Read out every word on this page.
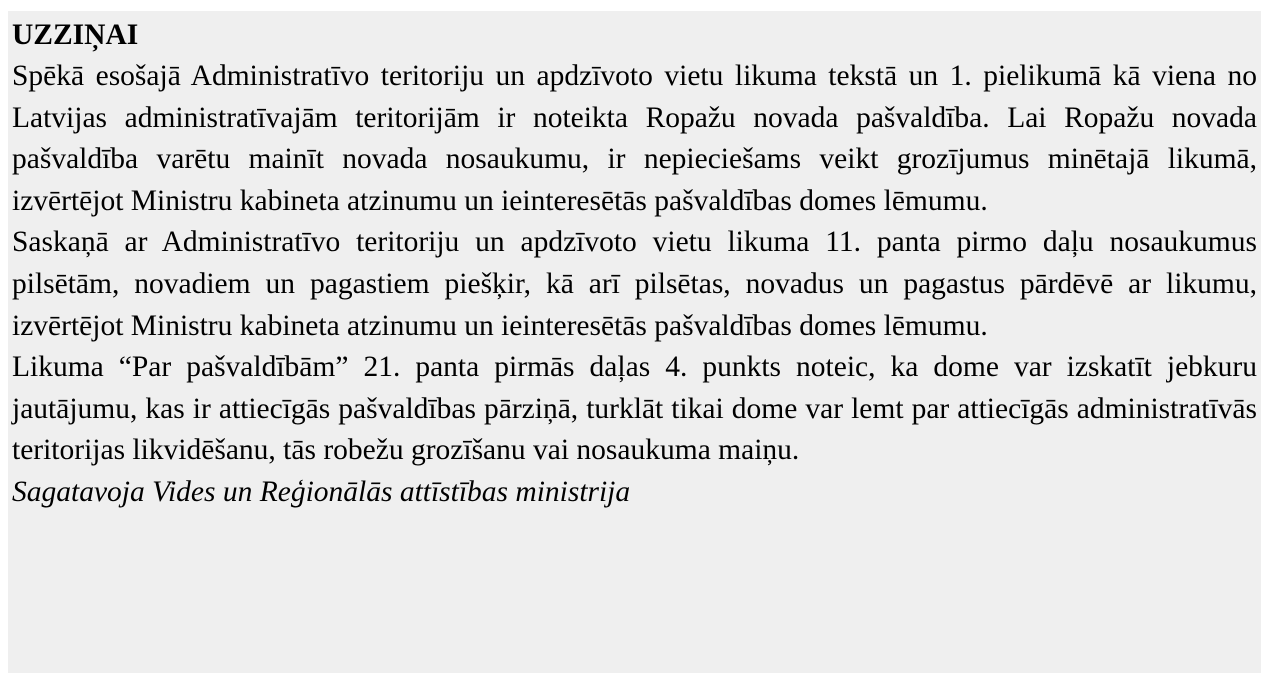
UZZIŅAI

Spēkā esošajā Administratīvo teritoriju un apdzīvoto vietu likuma tekstā un 1. pielikumā kā viena no Latvijas administratīvajām teritorijām ir noteikta Ropažu novada pašvaldība. Lai Ropažu novada pašvaldība varētu mainīt novada nosaukumu, ir nepieciešams veikt grozījumus minētajā likumā, izvērtējot Ministru kabineta atzinumu un ieinteresētās pašvaldības domes lēmumu.

Saskaņā ar Administratīvo teritoriju un apdzīvoto vietu likuma 11. panta pirmo daļu nosaukumus pilsētām, novadiem un pagastiem piešķir, kā arī pilsētas, novadus un pagastus pārdēvē ar likumu, izvērtējot Ministru kabineta atzinumu un ieinteresētās pašvaldības domes lēmumu.

Likuma “Par pašvaldībām” 21. panta pirmās daļas 4. punkts noteic, ka dome var izskatīt jebkuru jautājumu, kas ir attiecīgās pašvaldības pārziņā, turklāt tikai dome var lemt par attiecīgās administratīvās teritorijas likvidēšanu, tās robežu grozīšanu vai nosaukuma maiņu.

Sagatavoja Vides un Reģionālās attīstības ministrija
